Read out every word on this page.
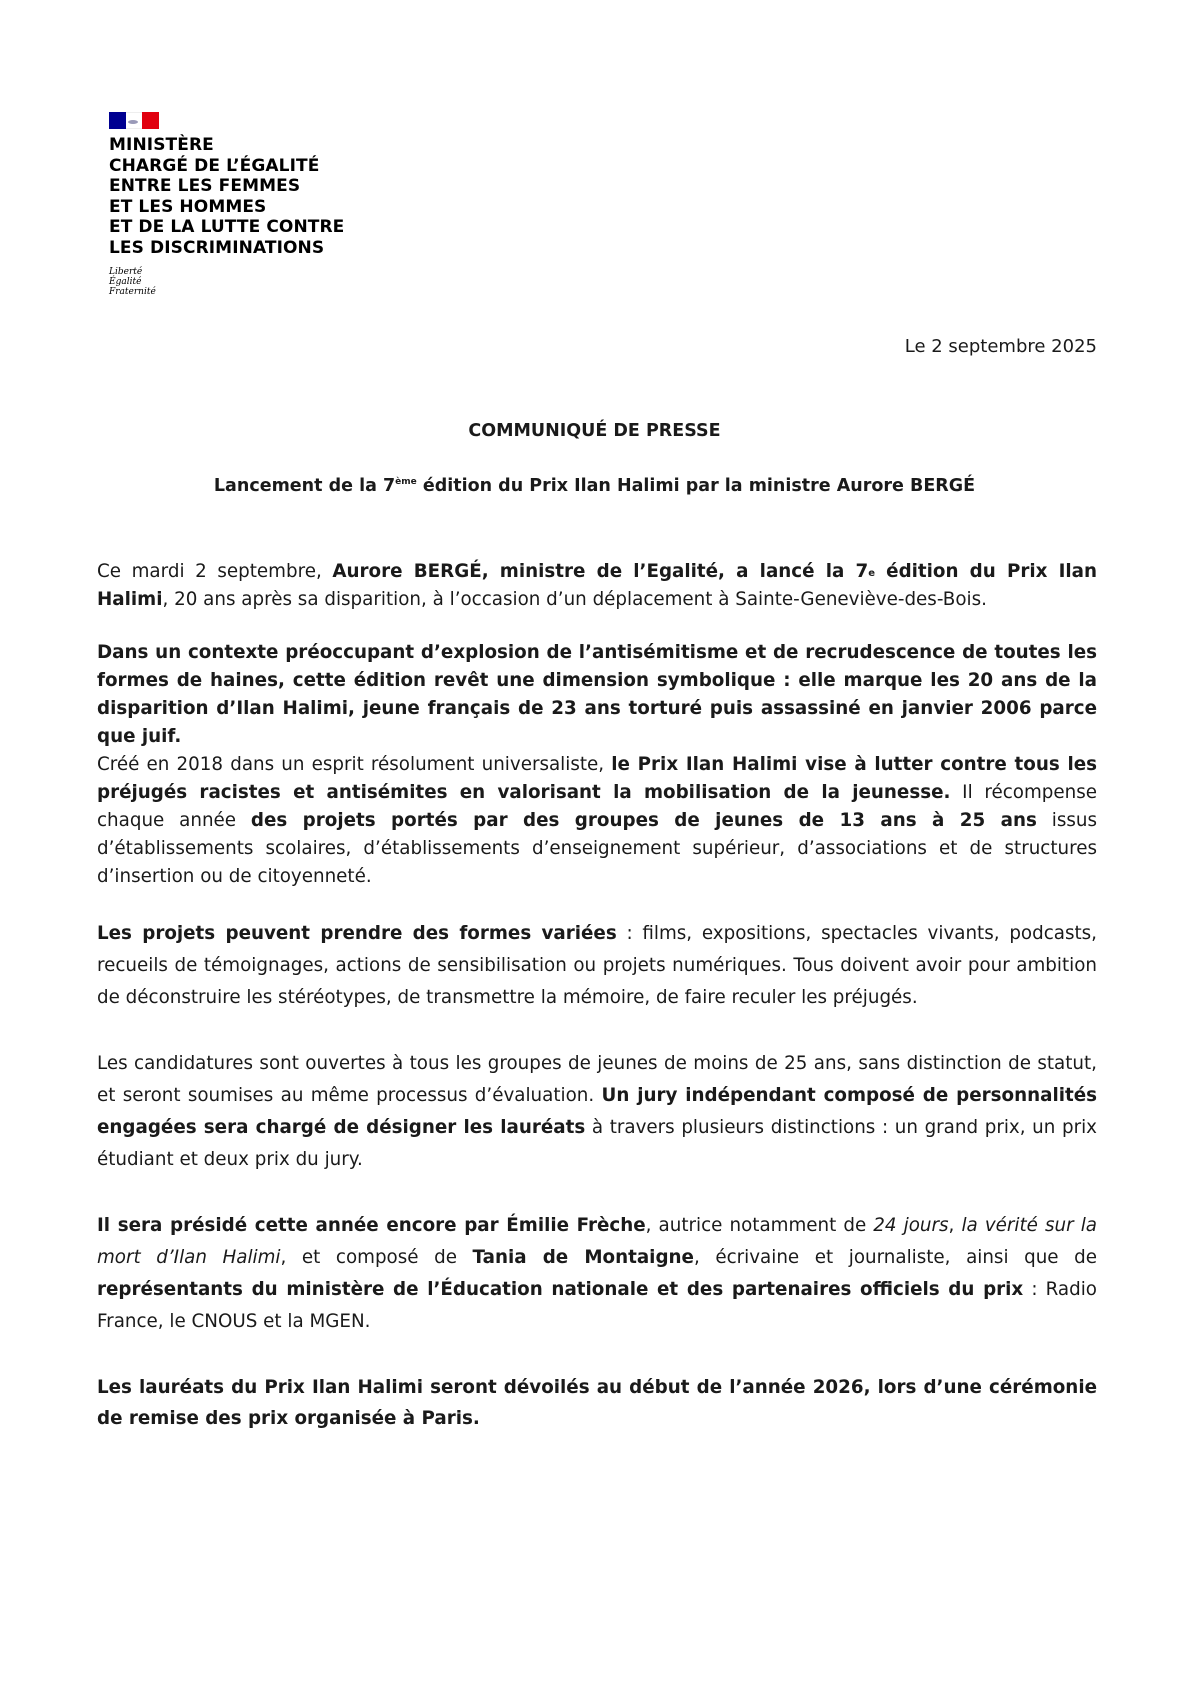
MINISTÈRE
CHARGÉ DE L’ÉGALITÉ
ENTRE LES FEMMES
ET LES HOMMES
ET DE LA LUTTE CONTRE
LES DISCRIMINATIONS

Liberté
Égalité
Fraternité
Le 2 septembre 2025
COMMUNIQUÉ DE PRESSE
Lancement de la 7ème édition du Prix Ilan Halimi par la ministre Aurore BERGÉ

Ce mardi 2 septembre, Aurore BERGÉ, ministre de l’Egalité, a lancé la 7e édition du Prix Ilan Halimi, 20 ans après sa disparition, à l’occasion d’un déplacement à Sainte-Geneviève-des-Bois.

Dans un contexte préoccupant d’explosion de l’antisémitisme et de recrudescence de toutes les formes de haines, cette édition revêt une dimension symbolique : elle marque les 20 ans de la disparition d’Ilan Halimi, jeune français de 23 ans torturé puis assassiné en janvier 2006 parce que juif.

Créé en 2018 dans un esprit résolument universaliste, le Prix Ilan Halimi vise à lutter contre tous les préjugés racistes et antisémites en valorisant la mobilisation de la jeunesse. Il récompense chaque année des projets portés par des groupes de jeunes de 13 ans à 25 ans issus d’établissements scolaires, d’établissements d’enseignement supérieur, d’associations et de structures d’insertion ou de citoyenneté.

Les projets peuvent prendre des formes variées : films, expositions, spectacles vivants, podcasts, recueils de témoignages, actions de sensibilisation ou projets numériques. Tous doivent avoir pour ambition de déconstruire les stéréotypes, de transmettre la mémoire, de faire reculer les préjugés.

Les candidatures sont ouvertes à tous les groupes de jeunes de moins de 25 ans, sans distinction de statut, et seront soumises au même processus d’évaluation. Un jury indépendant composé de personnalités engagées sera chargé de désigner les lauréats à travers plusieurs distinctions : un grand prix, un prix étudiant et deux prix du jury.

Il sera présidé cette année encore par Émilie Frèche, autrice notamment de 24 jours, la vérité sur la mort d’Ilan Halimi, et composé de Tania de Montaigne, écrivaine et journaliste, ainsi que de représentants du ministère de l’Éducation nationale et des partenaires officiels du prix : Radio France, le CNOUS et la MGEN.

Les lauréats du Prix Ilan Halimi seront dévoilés au début de l’année 2026, lors d’une cérémonie de remise des prix organisée à Paris.
